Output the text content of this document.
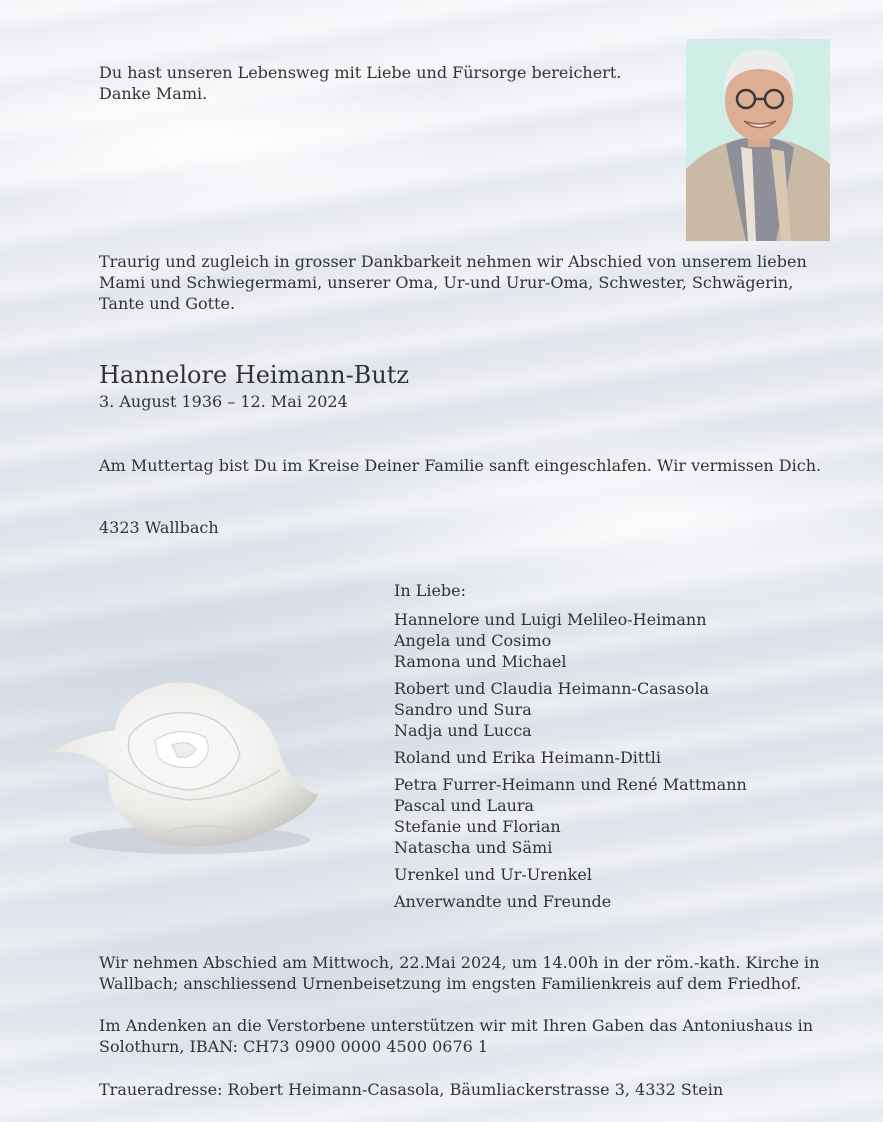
Du hast unseren Lebensweg mit Liebe und Fürsorge bereichert.
Danke Mami.
Traurig und zugleich in grosser Dankbarkeit nehmen wir Abschied von unserem lieben
Mami und Schwiegermami, unserer Oma, Ur-und Urur-Oma, Schwester, Schwägerin,
Tante und Gotte.
Hannelore Heimann-Butz
3. August 1936 – 12. Mai 2024
Am Muttertag bist Du im Kreise Deiner Familie sanft eingeschlafen. Wir vermissen Dich.
4323 Wallbach
In Liebe:
Hannelore und Luigi Melileo-Heimann
Angela und Cosimo
Ramona und Michael
Robert und Claudia Heimann-Casasola
Sandro und Sura
Nadja und Lucca
Roland und Erika Heimann-Dittli
Petra Furrer-Heimann und René Mattmann
Pascal und Laura
Stefanie und Florian
Natascha und Sämi
Urenkel und Ur-Urenkel
Anverwandte und Freunde
Wir nehmen Abschied am Mittwoch, 22.Mai 2024, um 14.00h in der röm.-kath. Kirche in
Wallbach; anschliessend Urnenbeisetzung im engsten Familienkreis auf dem Friedhof.
Im Andenken an die Verstorbene unterstützen wir mit Ihren Gaben das Antoniushaus in
Solothurn, IBAN: CH73 0900 0000 4500 0676 1
Traueradresse: Robert Heimann-Casasola, Bäumliackerstrasse 3, 4332 Stein
